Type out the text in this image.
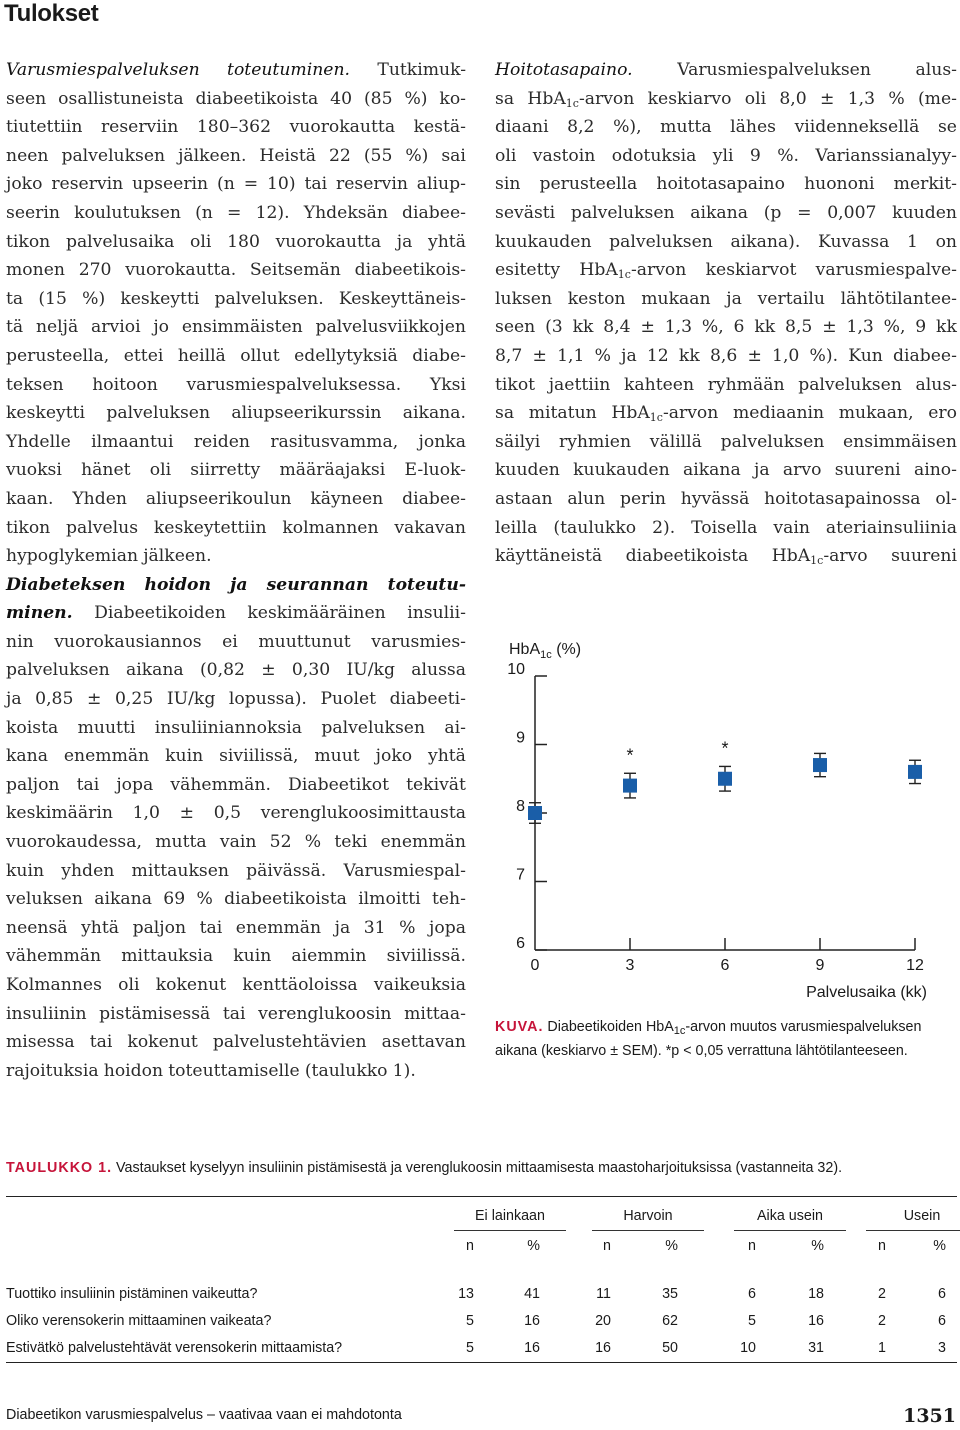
Tulokset
Varusmiespalveluksen toteutuminen. Tutkimuk-
seen osallistuneista diabeetikoista 40 (85 %) ko-
tiutettiin reserviin 180–362 vuorokautta kestä-
neen palveluksen jälkeen. Heistä 22 (55 %) sai
joko reservin upseerin (n = 10) tai reservin aliup-
seerin koulutuksen (n = 12). Yhdeksän diabee-
tikon palvelusaika oli 180 vuorokautta ja yhtä
monen 270 vuorokautta. Seitsemän diabeetikois-
ta (15 %) keskeytti palveluksen. Keskeyttäneis-
tä neljä arvioi jo ensimmäisten palvelusviikkojen
perusteella, ettei heillä ollut edellytyksiä diabe-
teksen hoitoon varusmiespalveluksessa. Yksi
keskeytti palveluksen aliupseerikurssin aikana.
Yhdelle ilmaantui reiden rasitusvamma, jonka
vuoksi hänet oli siirretty määräajaksi E-luok-
kaan. Yhden aliupseerikoulun käyneen diabee-
tikon palvelus keskeytettiin kolmannen vakavan
hypoglykemian jälkeen.
Diabeteksen hoidon ja seurannan toteutu-
minen. Diabeetikoiden keskimääräinen insulii-
nin vuorokausiannos ei muuttunut varusmies-
palveluksen aikana (0,82 ± 0,30 IU/kg alussa
ja 0,85 ± 0,25 IU/kg lopussa). Puolet diabeeti-
koista muutti insuliiniannoksia palveluksen ai-
kana enemmän kuin siviilissä, muut joko yhtä
paljon tai jopa vähemmän. Diabeetikot tekivät
keskimäärin 1,0 ± 0,5 verenglukoosimittausta
vuorokaudessa, mutta vain 52 % teki enemmän
kuin yhden mittauksen päivässä. Varusmiespal-
veluksen aikana 69 % diabeetikoista ilmoitti teh-
neensä yhtä paljon tai enemmän ja 31 % jopa
vähemmän mittauksia kuin aiemmin siviilissä.
Kolmannes oli kokenut kenttäoloissa vaikeuksia
insuliinin pistämisessä tai verenglukoosin mittaa-
misessa tai kokenut palvelustehtävien asettavan
rajoituksia hoidon toteuttamiselle (taulukko 1).
Hoitotasapaino.	Varusmiespalveluksen	alus-
sa HbA$_{1c}$-arvon keskiarvo oli 8,0 ± 1,3 % (me-
diaani 8,2 %), mutta lähes viidenneksellä se
oli vastoin odotuksia yli 9 %. Varianssianalyy-
sin perusteella hoitotasapaino huononi merkit-
sevästi palveluksen aikana (p = 0,007 kuuden
kuukauden palveluksen aikana). Kuvassa 1 on
esitetty HbA$_{1c}$-arvon keskiarvot varusmiespalve-
luksen keston mukaan ja vertailu lähtötilantee-
seen (3 kk 8,4 ± 1,3 %, 6 kk 8,5 ± 1,3 %, 9 kk
8,7 ± 1,1 % ja 12 kk 8,6 ± 1,0 %). Kun diabee-
tikot jaettiin kahteen ryhmään palveluksen alus-
sa mitatun HbA$_{1c}$-arvon mediaanin mukaan, ero
säilyi ryhmien välillä palveluksen ensimmäisen
kuuden kuukauden aikana ja arvo suureni aino-
astaan alun perin hyvässä hoitotasapainossa ol-
leilla (taulukko 2). Toisella vain ateriainsuliinia
käyttäneistä diabeetikoista HbA$_{1c}$-arvo suureni
HbA$_{1c}$ (%)
10
9
8
7
6
0	3	6	9	12
Palvelusaika (kk)
*	*
KUVA. Diabeetikoiden HbA$_{1c}$-arvon muutos varusmiespalveluksen aikana (keskiarvo ± SEM). *p < 0,05 verrattuna lähtötilanteeseen.
TAULUKKO 1. Vastaukset kyselyyn insuliinin pistämisestä ja verenglukoosin mittaamisesta maastoharjoituksissa (vastanneita 32).
Ei lainkaan
n	%
Harvoin
n	%
Aika usein
n	%
Usein
n	%
Tuottiko insuliinin pistäminen vaikeutta?	13	41	11	35	6	18	2	6
Oliko verensokerin mittaaminen vaikeata?	5	16	20	62	5	16	2	6
Estivätkö palvelustehtävät verensokerin mittaamista?	5	16	16	50	10	31	1	3
Diabeetikon varusmiespalvelus – vaativaa vaan ei mahdotonta	1351
